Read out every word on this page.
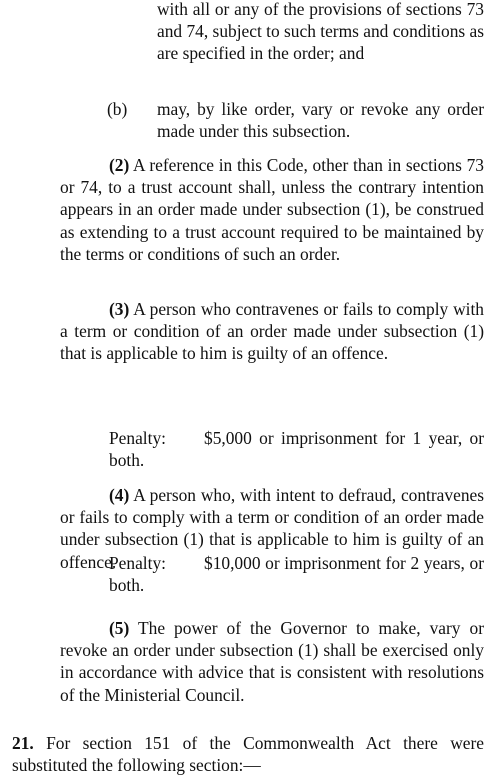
with all or any of the provisions of sections 73 and 74, subject to such terms and conditions as are specified in the order; and

(b) may, by like order, vary or revoke any order made under this subsection.

(2) A reference in this Code, other than in sections 73 or 74, to a trust account shall, unless the contrary intention appears in an order made under subsection (1), be construed as extending to a trust account required to be maintained by the terms or conditions of such an order.

(3) A person who contravenes or fails to comply with a term or condition of an order made under subsection (1) that is applicable to him is guilty of an offence.

Penalty: $5,000 or imprisonment for 1 year, or both.

(4) A person who, with intent to defraud, contravenes or fails to comply with a term or condition of an order made under subsection (1) that is applicable to him is guilty of an offence.

Penalty: $10,000 or imprisonment for 2 years, or both.

(5) The power of the Governor to make, vary or revoke an order under subsection (1) shall be exercised only in accordance with advice that is consistent with resolutions of the Ministerial Council.

21. For section 151 of the Commonwealth Act there were substituted the following section:—
